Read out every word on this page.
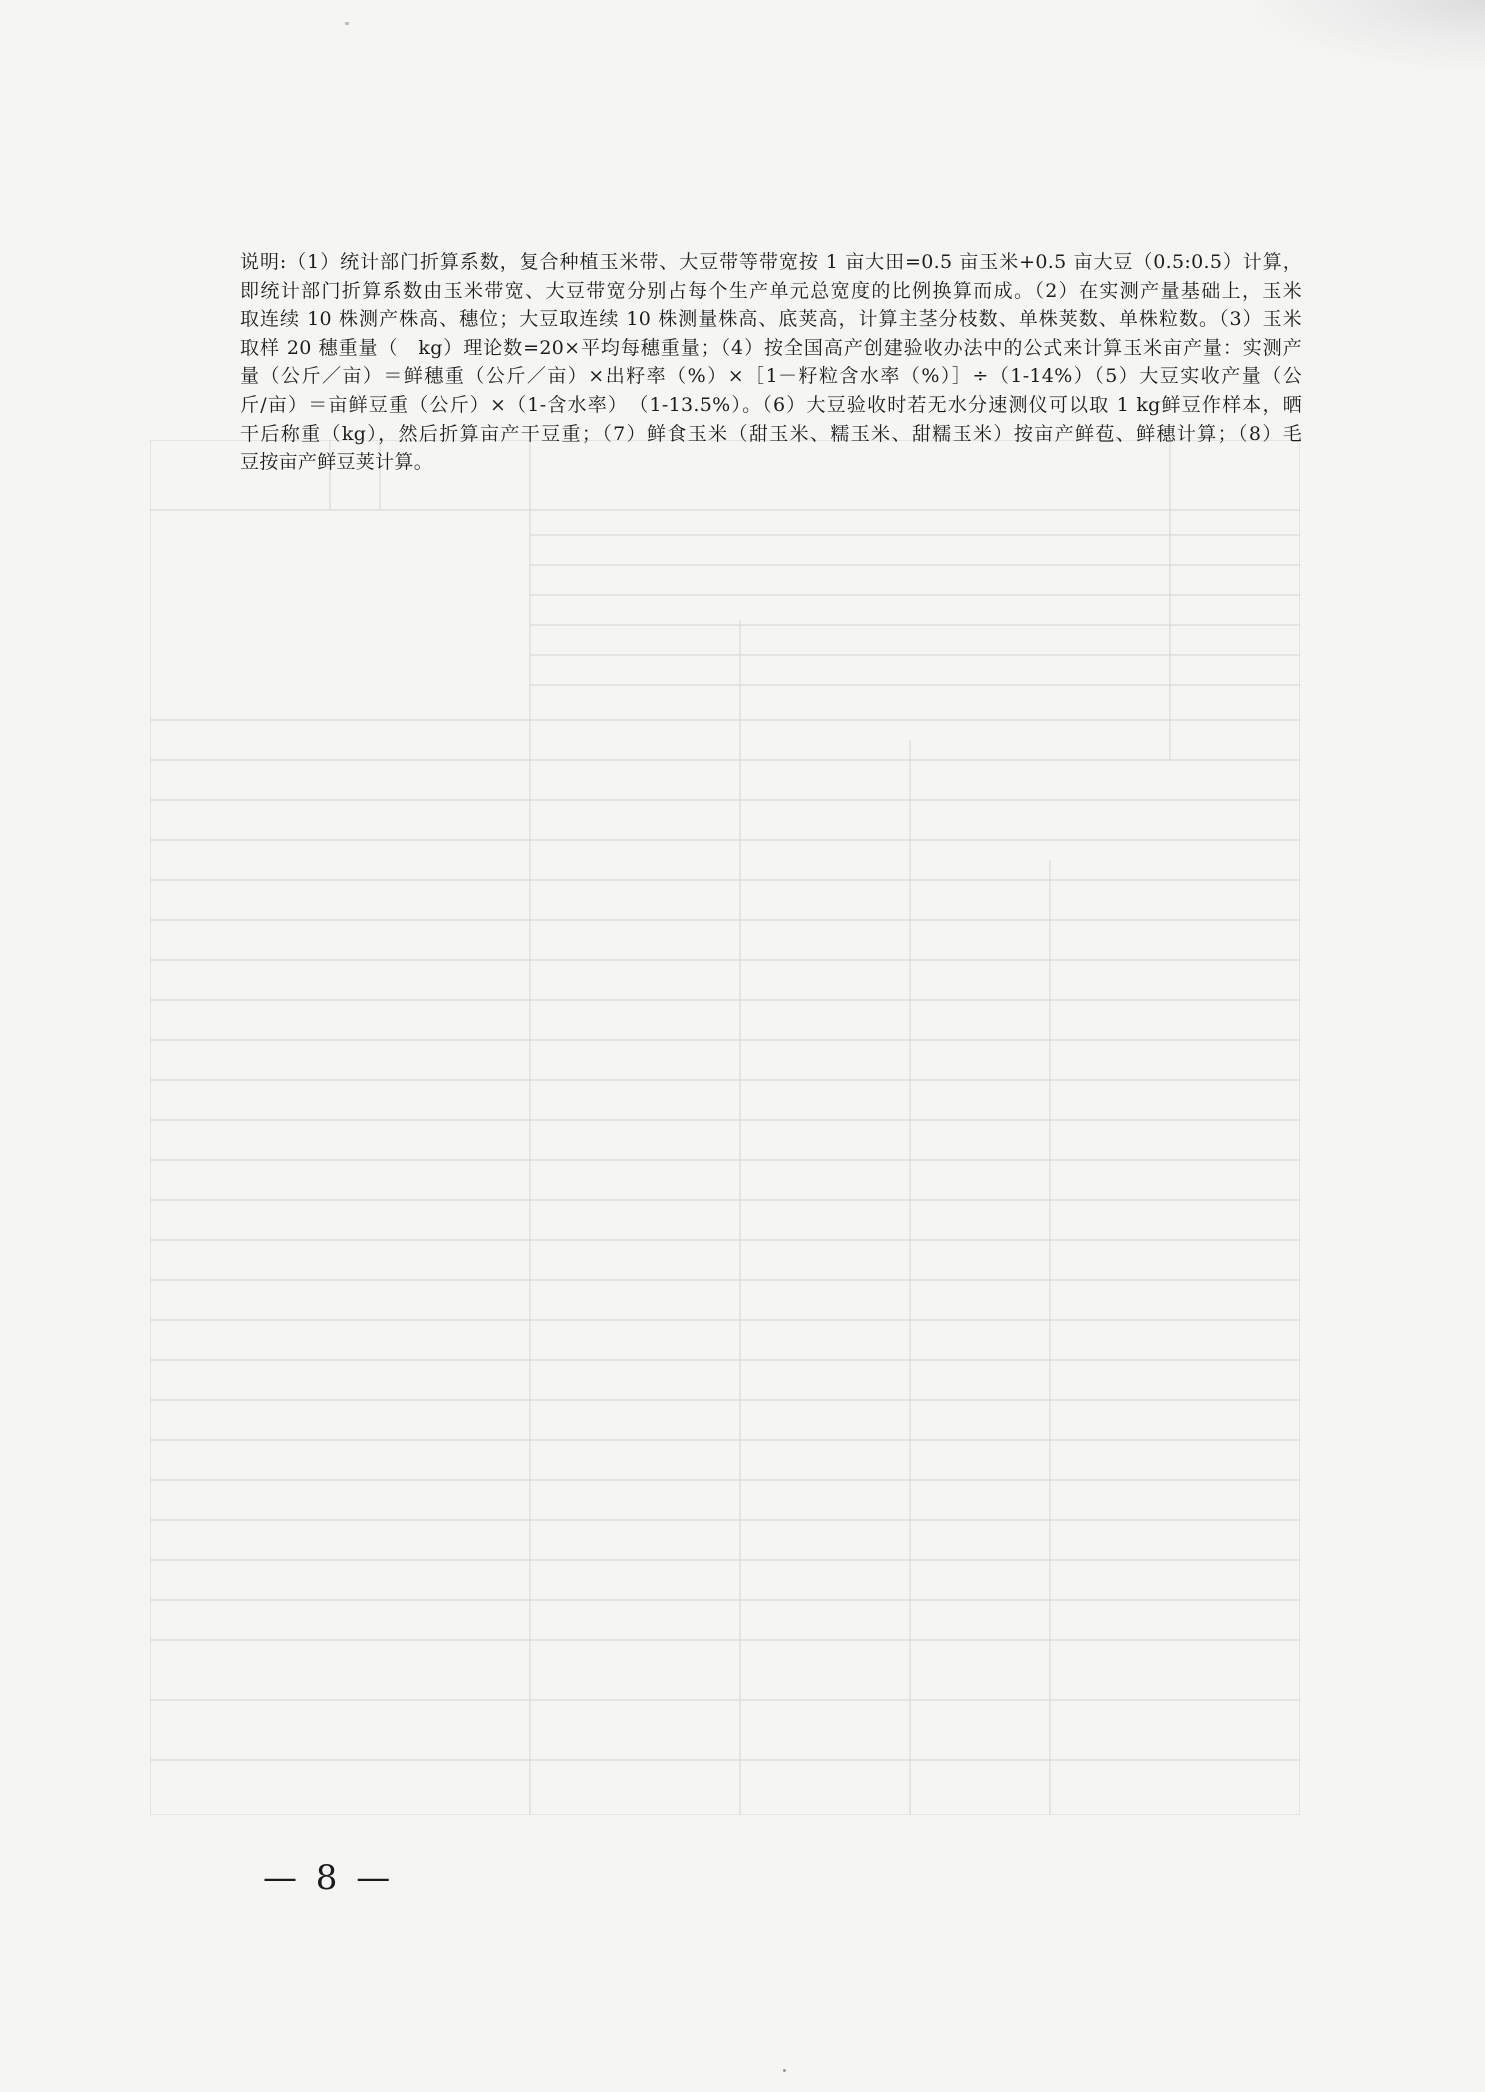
说明:（1）统计部门折算系数，复合种植玉米带、大豆带等带宽按 1 亩大田=0.5 亩玉米+0.5 亩大豆（0.5:0.5）计算，
即统计部门折算系数由玉米带宽、大豆带宽分别占每个生产单元总宽度的比例换算而成。（2）在实测产量基础上，玉米
取连续 10 株测产株高、穗位；大豆取连续 10 株测量株高、底荚高，计算主茎分枝数、单株荚数、单株粒数。（3）玉米
取样 20 穗重量（　kg）理论数=20×平均每穗重量；（4）按全国高产创建验收办法中的公式来计算玉米亩产量：实测产
量（公斤／亩）＝鲜穗重（公斤／亩）×出籽率（%）×［1－籽粒含水率（%）］÷（1-14%）（5）大豆实收产量（公
斤/亩）＝亩鲜豆重（公斤）×（1-含水率）　（1-13.5%）。（6）大豆验收时若无水分速测仪可以取 1 kg鲜豆作样本，晒
干后称重（kg），然后折算亩产干豆重；（7）鲜食玉米（甜玉米、糯玉米、甜糯玉米）按亩产鲜苞、鲜穗计算；（8）毛
豆按亩产鲜豆荚计算。
— 8 —
